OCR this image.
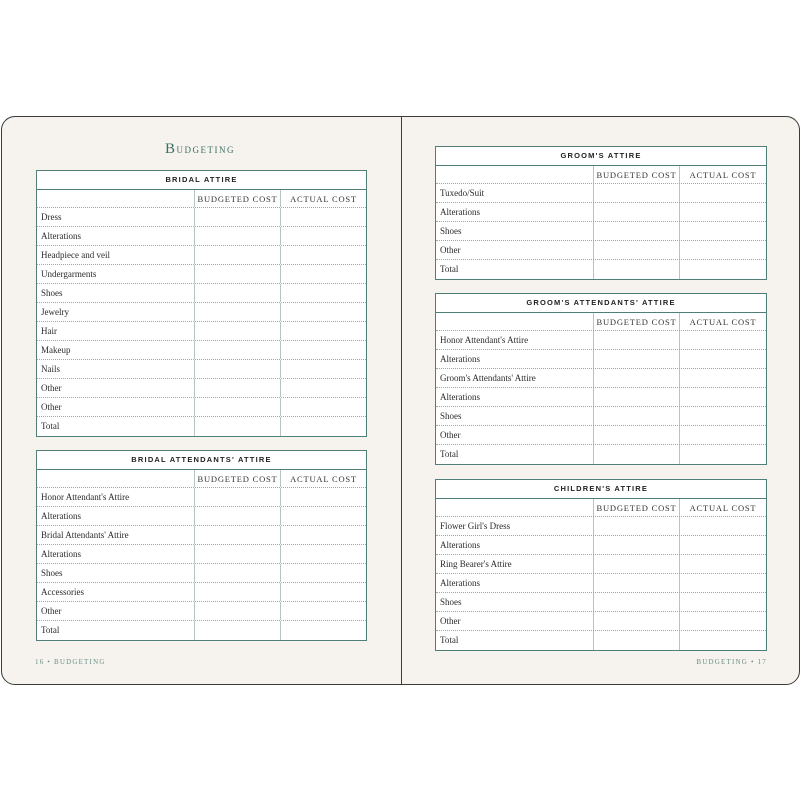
Budgeting
BRIDAL ATTIRE
BUDGETED COST	ACTUAL COST
Dress
Alterations
Headpiece and veil
Undergarments
Shoes
Jewelry
Hair
Makeup
Nails
Other
Other
Total
BRIDAL ATTENDANTS' ATTIRE
BUDGETED COST	ACTUAL COST
Honor Attendant's Attire
Alterations
Bridal Attendants' Attire
Alterations
Shoes
Accessories
Other
Total
16 • BUDGETING
GROOM'S ATTIRE
BUDGETED COST	ACTUAL COST
Tuxedo/Suit
Alterations
Shoes
Other
Total
GROOM'S ATTENDANTS' ATTIRE
BUDGETED COST	ACTUAL COST
Honor Attendant's Attire
Alterations
Groom's Attendants' Attire
Alterations
Shoes
Other
Total
CHILDREN'S ATTIRE
BUDGETED COST	ACTUAL COST
Flower Girl's Dress
Alterations
Ring Bearer's Attire
Alterations
Shoes
Other
Total
BUDGETING • 17
